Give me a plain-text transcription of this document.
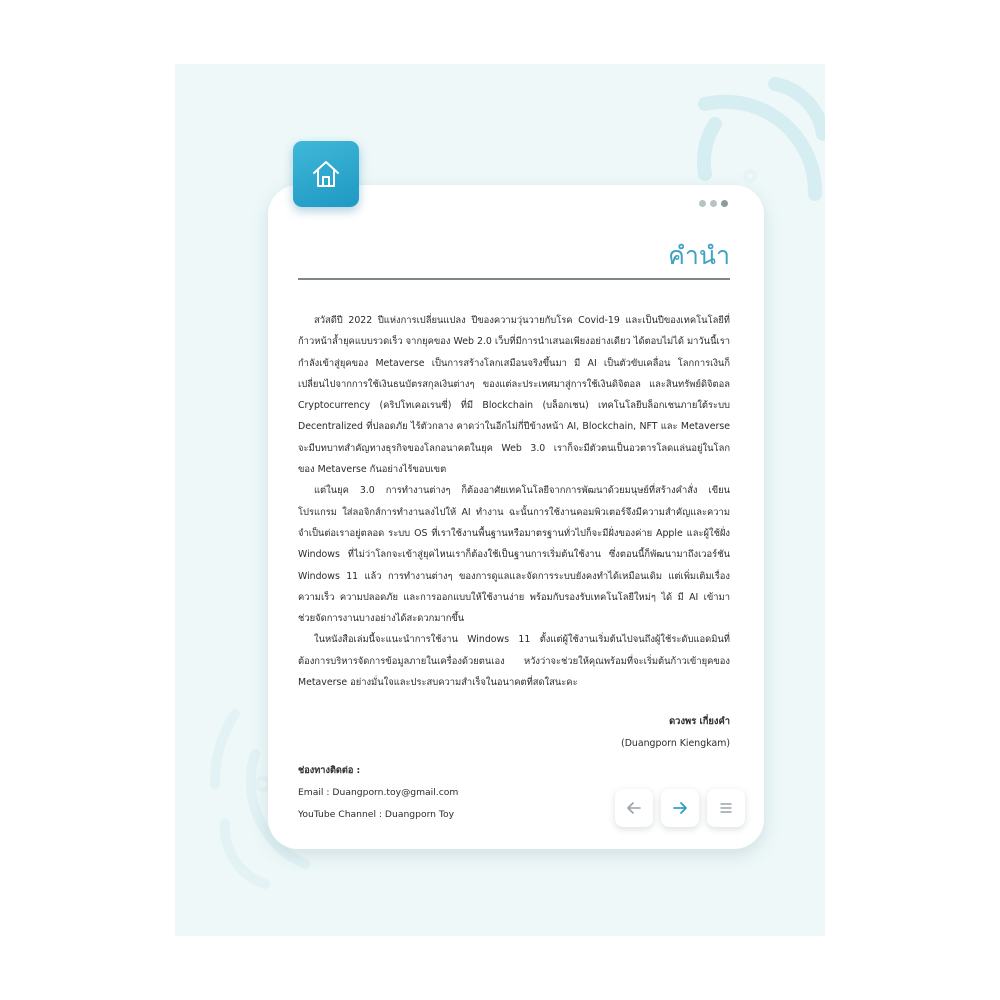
คำนำ

สวัสดีปี 2022 ปีแห่งการเปลี่ยนแปลง ปีของความวุ่นวายกับโรค Covid-19 และเป็นปีของเทคโนโลยีที่ก้าวหน้าล้ำยุคแบบรวดเร็ว จากยุคของ Web 2.0 เว็บที่มีการนำเสนอเพียงอย่างเดียว ได้ตอบไม่ได้ มาวันนี้เรากำลังเข้าสู่ยุคของ Metaverse เป็นการสร้างโลกเสมือนจริงขึ้นมา มี AI เป็นตัวขับเคลื่อน โลกการเงินก็เปลี่ยนไปจากการใช้เงินธนบัตรสกุลเงินต่างๆ ของแต่ละประเทศมาสู่การใช้เงินดิจิตอล และสินทรัพย์ดิจิตอล Cryptocurrency (คริปโทเคอเรนซี่) ที่มี Blockchain (บล็อกเชน) เทคโนโลยีบล็อกเชนภายใต้ระบบ Decentralized ที่ปลอดภัย ไร้ตัวกลาง คาดว่าในอีกไม่กี่ปีข้างหน้า AI, Blockchain, NFT และ Metaverse จะมีบทบาทสำคัญทางธุรกิจของโลกอนาคตในยุค Web 3.0 เราก็จะมีตัวตนเป็นอวตารโลดแล่นอยู่ในโลกของ Metaverse กันอย่างไร้ขอบเขต

แต่ในยุค 3.0 การทำงานต่างๆ ก็ต้องอาศัยเทคโนโลยีจากการพัฒนาด้วยมนุษย์ที่สร้างคำสั่ง เขียนโปรแกรม ใส่ลอจิกส์การทำงานลงไปให้ AI ทำงาน ฉะนั้นการใช้งานคอมพิวเตอร์จึงมีความสำคัญและความจำเป็นต่อเราอยู่ตลอด ระบบ OS ที่เราใช้งานพื้นฐานหรือมาตรฐานทั่วไปก็จะมีฝั่งของค่าย Apple และผู้ใช้ฝั่ง Windows ที่ไม่ว่าโลกจะเข้าสู่ยุคไหนเราก็ต้องใช้เป็นฐานการเริ่มต้นใช้งาน ซึ่งตอนนี้ก็พัฒนามาถึงเวอร์ชัน Windows 11 แล้ว การทำงานต่างๆ ของการดูแลและจัดการระบบยังคงทำได้เหมือนเดิม แต่เพิ่มเติมเรื่องความเร็ว ความปลอดภัย และการออกแบบให้ใช้งานง่าย พร้อมกับรองรับเทคโนโลยีใหม่ๆ ได้ มี AI เข้ามาช่วยจัดการงานบางอย่างได้สะดวกมากขึ้น

ในหนังสือเล่มนี้จะแนะนำการใช้งาน Windows 11 ตั้งแต่ผู้ใช้งานเริ่มต้นไปจนถึงผู้ใช้ระดับแอดมินที่ต้องการบริหารจัดการข้อมูลภายในเครื่องด้วยตนเอง หวังว่าจะช่วยให้คุณพร้อมที่จะเริ่มต้นก้าวเข้ายุคของ Metaverse อย่างมั่นใจและประสบความสำเร็จในอนาคตที่สดใสนะคะ

ดวงพร เกี่ยงคำ
(Duangporn Kiengkam)
ช่องทางติดต่อ :
Email : Duangporn.toy@gmail.com
YouTube Channel : Duangporn Toy
